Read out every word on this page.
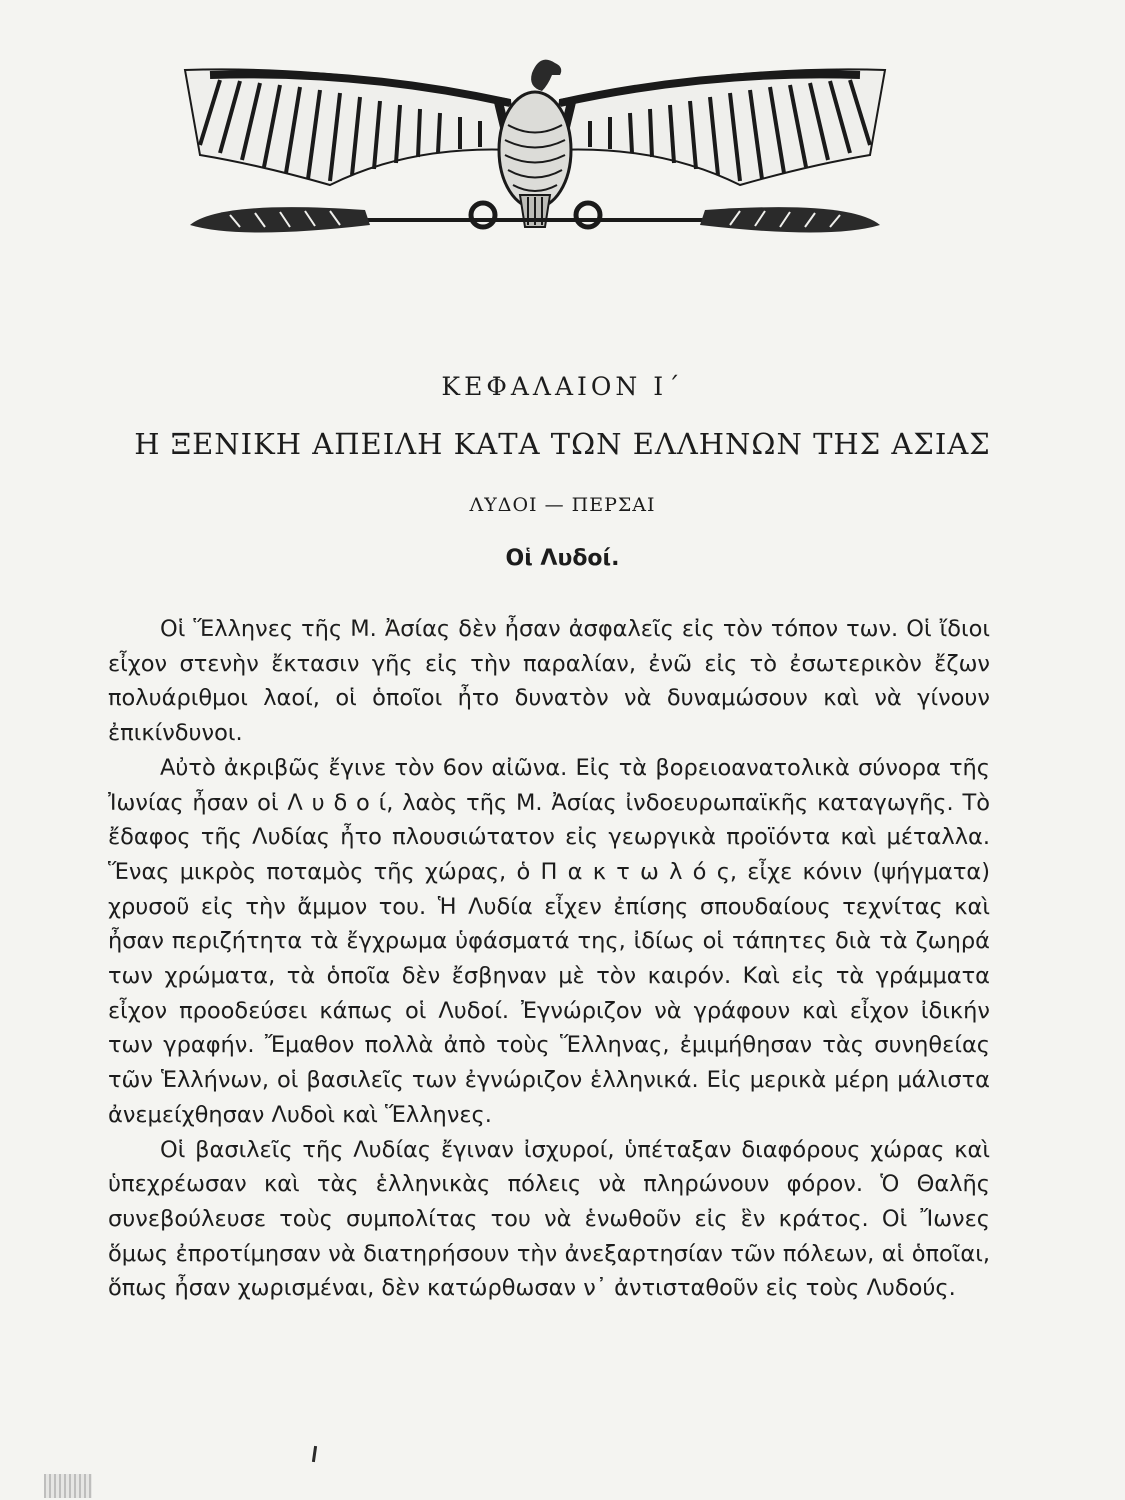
ΚΕΦΑΛΑΙΟΝ Ι΄
Η ΞΕΝΙΚΗ ΑΠΕΙΛΗ ΚΑΤΑ ΤΩΝ ΕΛΛΗΝΩΝ ΤΗΣ ΑΣΙΑΣ
ΛΥΔΟΙ — ΠΕΡΣΑΙ
Οἱ Λυδοί.

Οἱ Ἕλληνες τῆς Μ. Ἀσίας δὲν ἦσαν ἀσφαλεῖς εἰς τὸν τόπον των. Οἱ ἴδιοι εἶχον στενὴν ἔκτασιν γῆς εἰς τὴν παραλίαν, ἐνῶ εἰς τὸ ἐσωτερικὸν ἔζων πολυάριθμοι λαοί, οἱ ὁποῖοι ἦτο δυνατὸν νὰ δυναμώσουν καὶ νὰ γίνουν ἐπικίνδυνοι.

Αὐτὸ ἀκριβῶς ἔγινε τὸν 6ον αἰῶνα. Εἰς τὰ βορειοανατολικὰ σύνορα τῆς Ἰωνίας ἦσαν οἱ Λ υ δ ο ί, λαὸς τῆς Μ. Ἀσίας ἰνδοευρωπαϊκῆς καταγωγῆς. Τὸ ἔδαφος τῆς Λυδίας ἦτο πλουσιώτατον εἰς γεωργικὰ προϊόντα καὶ μέταλλα. Ἕνας μικρὸς ποταμὸς τῆς χώρας, ὁ Π α κ τ ω λ ό ς, εἶχε κόνιν (ψήγματα) χρυσοῦ εἰς τὴν ἄμμον του. Ἡ Λυδία εἶχεν ἐπίσης σπουδαίους τεχνίτας καὶ ἦσαν περιζήτητα τὰ ἔγχρωμα ὑφάσματά της, ἰδίως οἱ τάπητες διὰ τὰ ζωηρά των χρώματα, τὰ ὁποῖα δὲν ἔσβηναν μὲ τὸν καιρόν. Καὶ εἰς τὰ γράμματα εἶχον προοδεύσει κάπως οἱ Λυδοί. Ἐγνώριζον νὰ γράφουν καὶ εἶχον ἰδικήν των γραφήν. Ἔμαθον πολλὰ ἀπὸ τοὺς Ἕλληνας, ἐμιμήθησαν τὰς συνηθείας τῶν Ἑλλήνων, οἱ βασιλεῖς των ἐγνώριζον ἑλληνικά. Εἰς μερικὰ μέρη μάλιστα ἀνεμείχθησαν Λυδοὶ καὶ Ἕλληνες.

Οἱ βασιλεῖς τῆς Λυδίας ἔγιναν ἰσχυροί, ὑπέταξαν διαφόρους χώρας καὶ ὑπεχρέωσαν καὶ τὰς ἑλληνικὰς πόλεις νὰ πληρώνουν φόρον. Ὁ Θαλῆς συνεβούλευσε τοὺς συμπολίτας του νὰ ἑνωθοῦν εἰς ἓν κράτος. Οἱ Ἴωνες ὅμως ἐπροτίμησαν νὰ διατηρήσουν τὴν ἀνεξαρτησίαν τῶν πόλεων, αἱ ὁποῖαι, ὅπως ἦσαν χωρισμέναι, δὲν κατώρθωσαν ν᾽ ἀντισταθοῦν εἰς τοὺς Λυδούς.
